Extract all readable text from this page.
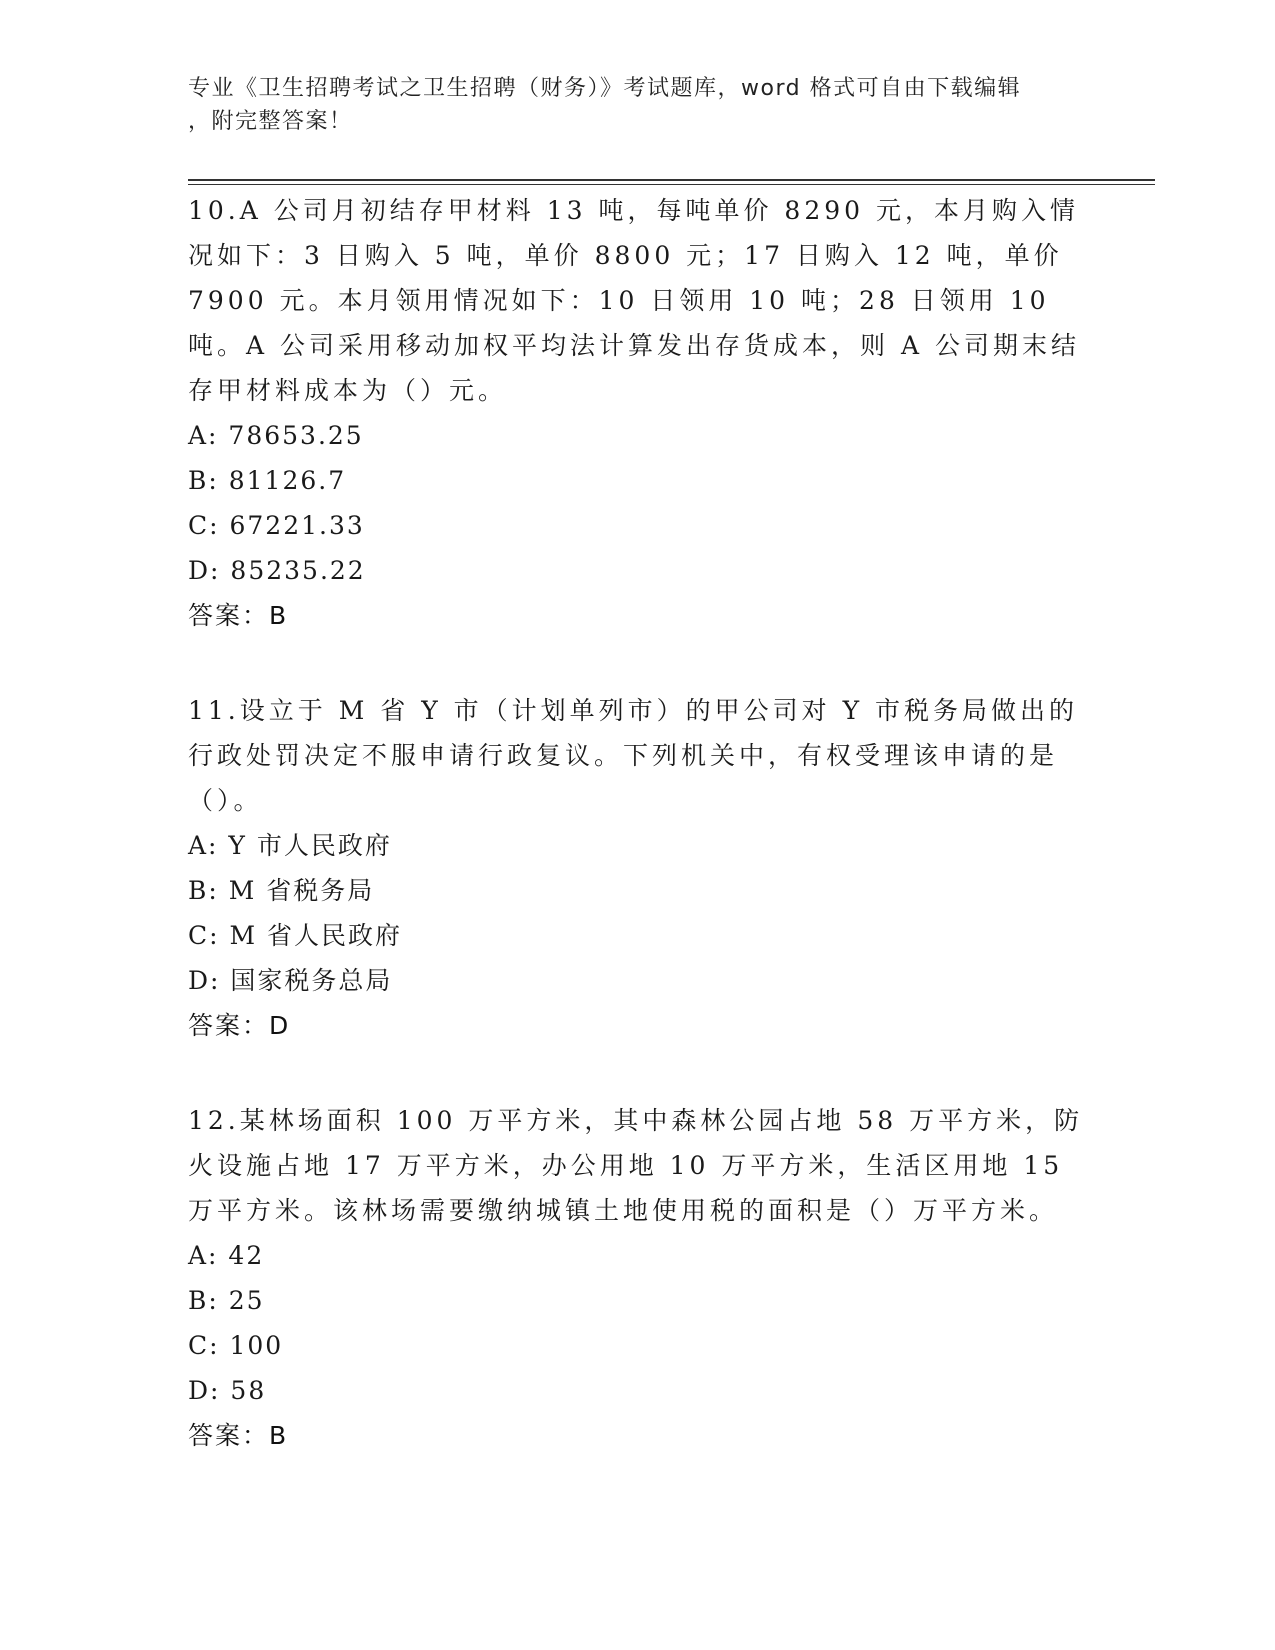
专业《卫生招聘考试之卫生招聘（财务）》考试题库，word 格式可自由下载编辑
，附完整答案！

10.A 公司月初结存甲材料 13 吨，每吨单价 8290 元，本月购入情况如下：3 日购入 5 吨，单价 8800 元；17 日购入 12 吨，单价 7900 元。本月领用情况如下：10 日领用 10 吨；28 日领用 10 吨。A 公司采用移动加权平均法计算发出存货成本，则 A 公司期末结存甲材料成本为（）元。

A: 78653.25
B: 81126.7
C: 67221.33
D: 85235.22

答案：B

11.设立于 M 省 Y 市（计划单列市）的甲公司对 Y 市税务局做出的行政处罚决定不服申请行政复议。下列机关中，有权受理该申请的是（）。

A: Y 市人民政府
B: M 省税务局
C: M 省人民政府
D: 国家税务总局

答案：D

12.某林场面积 100 万平方米，其中森林公园占地 58 万平方米，防火设施占地 17 万平方米，办公用地 10 万平方米，生活区用地 15 万平方米。该林场需要缴纳城镇土地使用税的面积是（）万平方米。

A: 42
B: 25
C: 100
D: 58

答案：B
